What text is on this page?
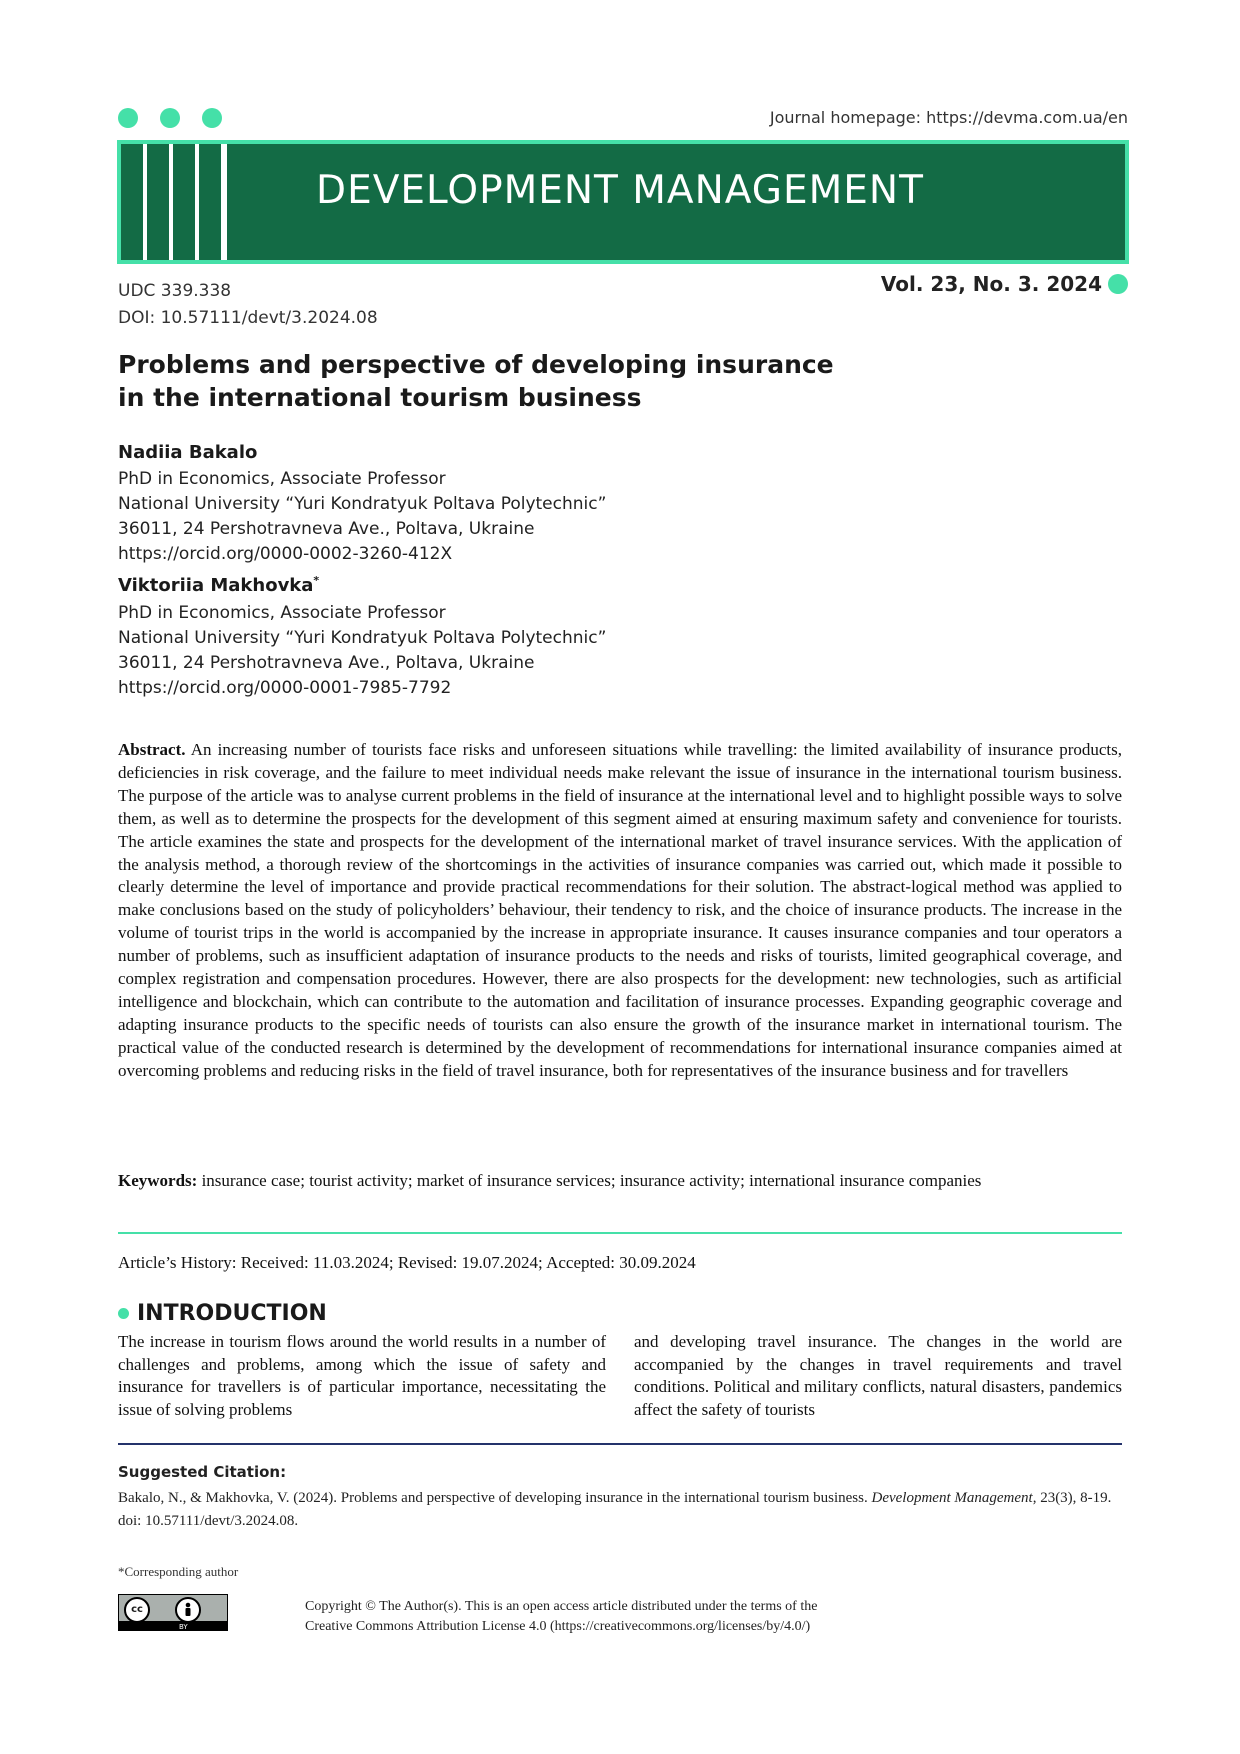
Journal homepage: https://devma.com.ua/en
DEVELOPMENT MANAGEMENT
UDC 339.338
DOI: 10.57111/devt/3.2024.08
Vol. 23, No. 3. 2024
Problems and perspective of developing insurance
in the international tourism business
Nadiia Bakalo
PhD in Economics, Associate Professor
National University “Yuri Kondratyuk Poltava Polytechnic”
36011, 24 Pershotravneva Ave., Poltava, Ukraine
https://orcid.org/0000-0002-3260-412X
Viktoriia Makhovka*
PhD in Economics, Associate Professor
National University “Yuri Kondratyuk Poltava Polytechnic”
36011, 24 Pershotravneva Ave., Poltava, Ukraine
https://orcid.org/0000-0001-7985-7792
Abstract. An increasing number of tourists face risks and unforeseen situations while travelling: the limited availability of insurance products, deficiencies in risk coverage, and the failure to meet individual needs make relevant the issue of insurance in the international tourism business. The purpose of the article was to analyse current problems in the field of insurance at the international level and to highlight possible ways to solve them, as well as to determine the prospects for the development of this segment aimed at ensuring maximum safety and convenience for tourists. The article examines the state and prospects for the development of the international market of travel insurance services. With the application of the analysis method, a thorough review of the shortcomings in the activities of insurance companies was carried out, which made it possible to clearly determine the level of importance and provide practical recommendations for their solution. The abstract-logical method was applied to make conclusions based on the study of policyholders’ behaviour, their tendency to risk, and the choice of insurance products. The increase in the volume of tourist trips in the world is accompanied by the increase in appropriate insurance. It causes insurance companies and tour operators a number of problems, such as insufficient adaptation of insurance products to the needs and risks of tourists, limited geographical coverage, and complex registration and compensation procedures. However, there are also prospects for the development: new technologies, such as artificial intelligence and blockchain, which can contribute to the automation and facilitation of insurance processes. Expanding geographic coverage and adapting insurance products to the specific needs of tourists can also ensure the growth of the insurance market in international tourism. The practical value of the conducted research is determined by the development of recommendations for international insurance companies aimed at overcoming problems and reducing risks in the field of travel insurance, both for representatives of the insurance business and for travellers
Keywords: insurance case; tourist activity; market of insurance services; insurance activity; international insurance companies
Article’s History: Received: 11.03.2024; Revised: 19.07.2024; Accepted: 30.09.2024
INTRODUCTION
The increase in tourism flows around the world results in a number of challenges and problems, among which the issue of safety and insurance for travellers is of particular importance, necessitating the issue of solving problems
and developing travel insurance. The changes in the world are accompanied by the changes in travel requirements and travel conditions. Political and military conflicts, natural disasters, pandemics affect the safety of tourists
Suggested Citation:
Bakalo, N., & Makhovka, V. (2024). Problems and perspective of developing insurance in the international tourism business. Development Management, 23(3), 8-19. doi: 10.57111/devt/3.2024.08.
*Corresponding author
cc
BY
Copyright © The Author(s). This is an open access article distributed under the terms of the
Creative Commons Attribution License 4.0 (https://creativecommons.org/licenses/by/4.0/)
